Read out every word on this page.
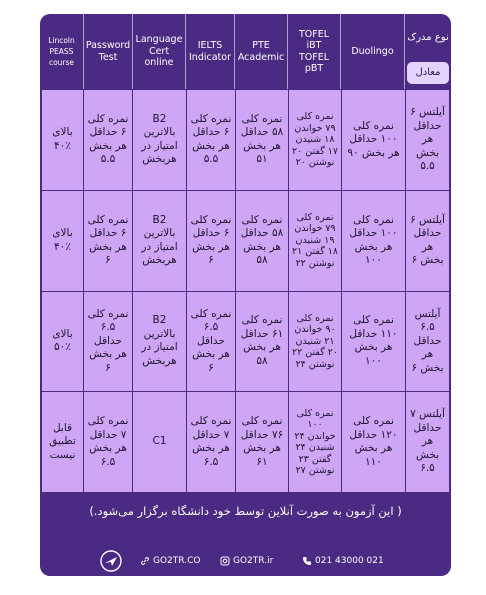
Lincoln PEASS course
Password Test
Language Cert online
IELTS Indicator
PTE Academic
TOFEL iBT TOFEL pBT
Duolingo
نوع مدرک
معادل
بالای ٪۴۰
نمره کلی ۶ حداقل هر بخش ۵.۵
B2 بالاترین امتیاز در هربخش
نمره کلی ۶ حداقل هر بخش ۵.۵
نمره کلی ۵۸ حداقل هر بخش ۵۱
نمره کلی ۷۹ خواندن ۱۸ شنیدن ۱۷ گفتن ۲۰ نوشتن ۲۰
نمره کلی ۱۰۰ حداقل هر بخش ۹۰
آیلتس ۶ حداقل هر بخش ۵.۵
بالای ٪۴۰
نمره کلی ۶ حداقل هر بخش ۶
B2 بالاترین امتیاز در هربخش
نمره کلی ۶ حداقل هر بخش ۶
نمره کلی ۵۸ حداقل هر بخش ۵۸
نمره کلی ۷۹ خواندن ۱۹ شنیدن ۱۸ گفتن ۲۱ نوشتن ۲۲
نمره کلی ۱۰۰ حداقل هر بخش ۱۰۰
آیلتس ۶ حداقل هر بخش ۶
بالای ٪۵۰
نمره کلی ۶.۵ حداقل هر بخش ۶
B2 بالاترین امتیاز در هربخش
نمره کلی ۶.۵ حداقل هر بخش ۶
نمره کلی ۶۱ حداقل هر بخش ۵۸
نمره کلی ۹۰ خواندن ۲۱ شنیدن ۲۰ گفتن ۲۲ نوشتن ۲۴
نمره کلی ۱۱۰ حداقل هر بخش ۱۰۰
آیلتس ۶.۵ حداقل هر بخش ۶
قابل تطبیق نیست
نمره کلی ۷ حداقل هر بخش ۶.۵
C1
نمره کلی ۷ حداقل هر بخش ۶.۵
نمره کلی ۷۶ حداقل هر بخش ۶۱
نمره کلی ۱۰۰ خواندن ۲۴ شنیدن ۲۴ گفتن ۲۳ نوشتن ۲۷
نمره کلی ۱۲۰ حداقل هر بخش ۱۱۰
آیلتس ۷ حداقل هر بخش ۶.۵
( این آزمون به صورت آنلاین توسط خود دانشگاه برگزار می‌شود.)
GO2TR.CO	GO2TR.ir	021 43000 021
